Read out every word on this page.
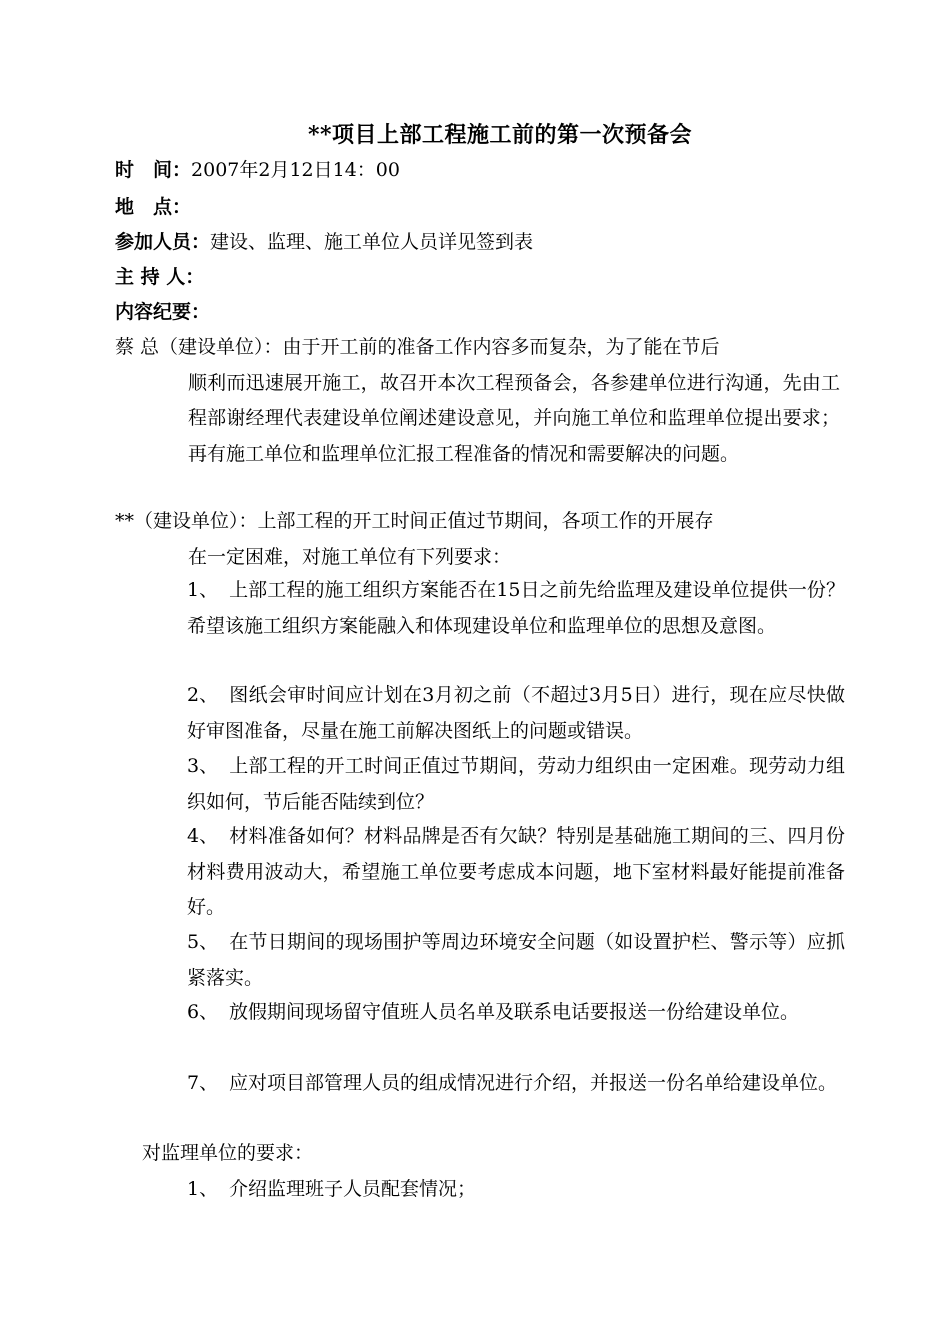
**项目上部工程施工前的第一次预备会
时　间：2007年2月12日14：00
地　点：
参加人员：建设、监理、施工单位人员详见签到表
主 持 人：
内容纪要：
蔡 总（建设单位）：由于开工前的准备工作内容多而复杂，为了能在节后
顺利而迅速展开施工，故召开本次工程预备会，各参建单位进行沟通，先由工程部谢经理代表建设单位阐述建设意见，并向施工单位和监理单位提出要求；再有施工单位和监理单位汇报工程准备的情况和需要解决的问题。
**（建设单位）：上部工程的开工时间正值过节期间，各项工作的开展存
在一定困难，对施工单位有下列要求：
1、 上部工程的施工组织方案能否在15日之前先给监理及建设单位提供一份？希望该施工组织方案能融入和体现建设单位和监理单位的思想及意图。
2、 图纸会审时间应计划在3月初之前（不超过3月5日）进行，现在应尽快做好审图准备，尽量在施工前解决图纸上的问题或错误。
3、 上部工程的开工时间正值过节期间，劳动力组织由一定困难。现劳动力组织如何，节后能否陆续到位？
4、 材料准备如何？材料品牌是否有欠缺？特别是基础施工期间的三、四月份材料费用波动大，希望施工单位要考虑成本问题，地下室材料最好能提前准备好。
5、 在节日期间的现场围护等周边环境安全问题（如设置护栏、警示等）应抓紧落实。
6、 放假期间现场留守值班人员名单及联系电话要报送一份给建设单位。
7、 应对项目部管理人员的组成情况进行介绍，并报送一份名单给建设单位。
对监理单位的要求：
1、 介绍监理班子人员配套情况；
